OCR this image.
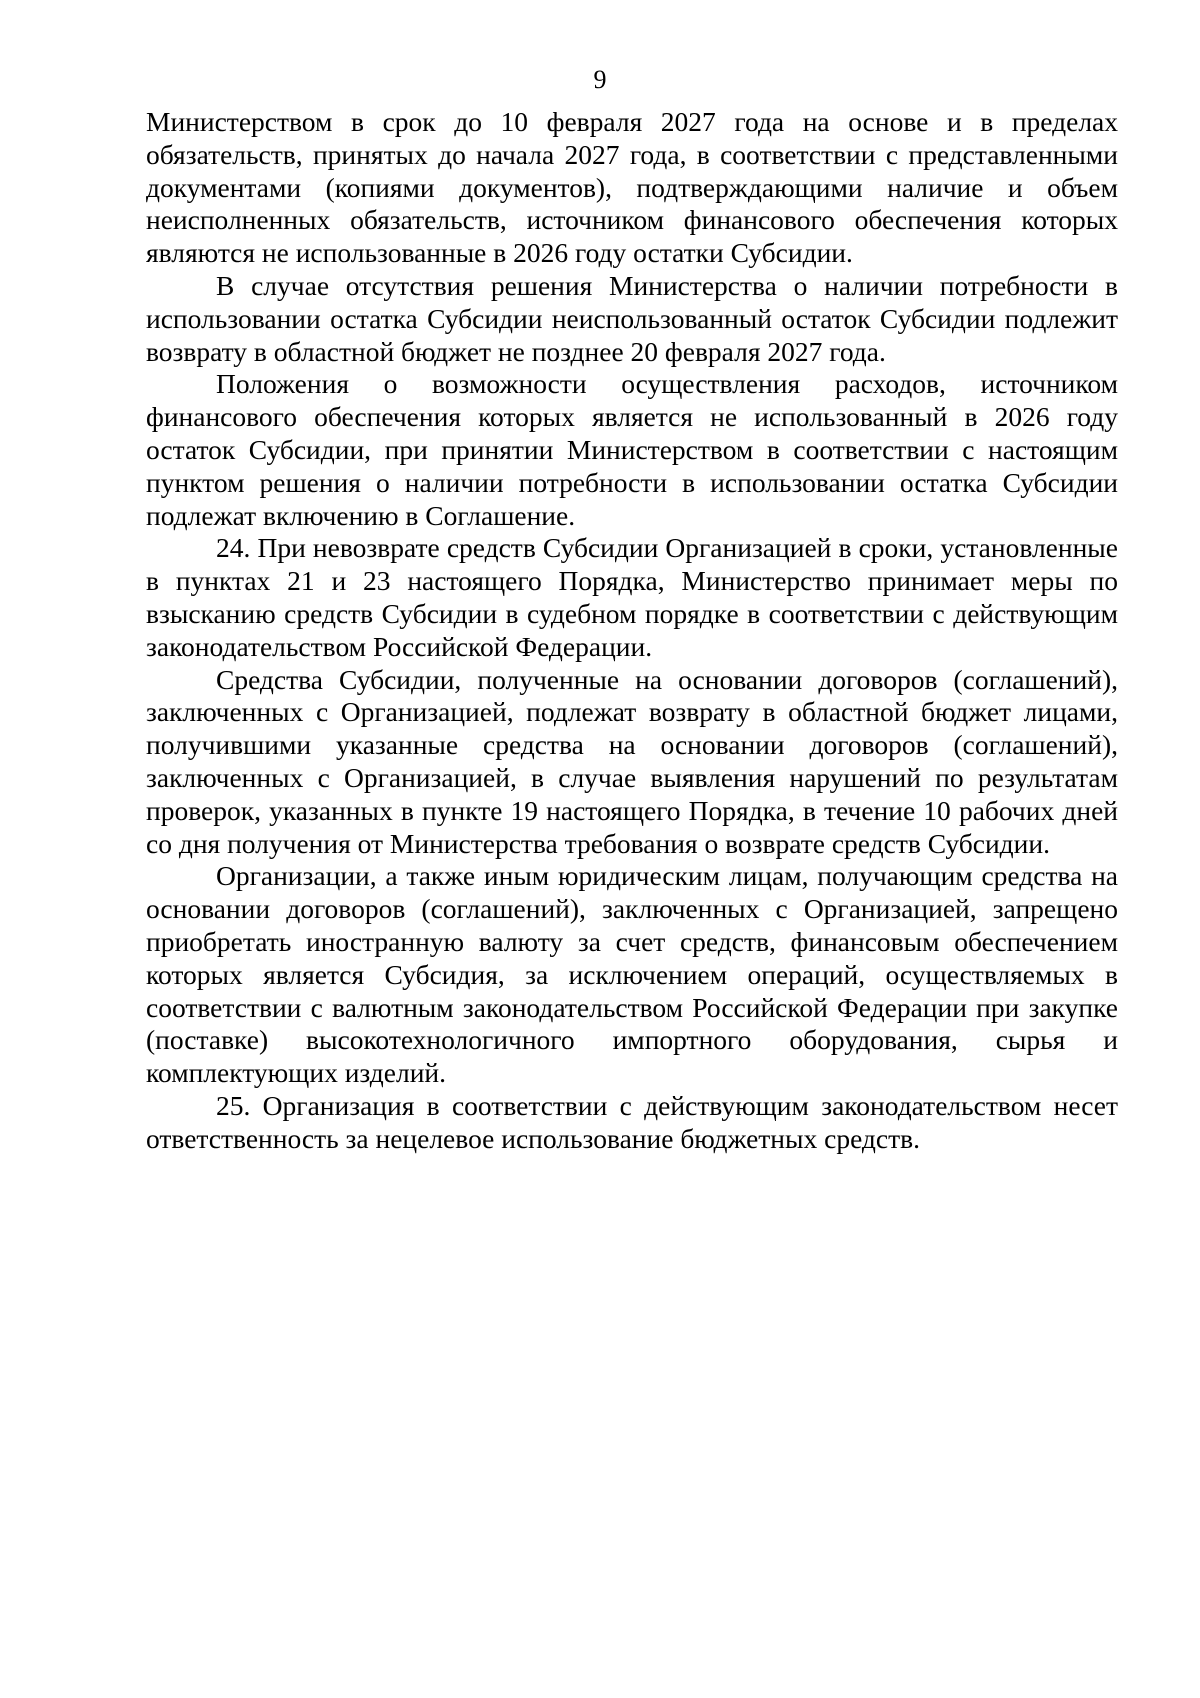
9

Министерством в срок до 10 февраля 2027 года на основе и в пределах обязательств, принятых до начала 2027 года, в соответствии с представленными документами (копиями документов), подтверждающими наличие и объем неисполненных обязательств, источником финансового обеспечения которых являются не использованные в 2026 году остатки Субсидии.

В случае отсутствия решения Министерства о наличии потребности в использовании остатка Субсидии неиспользованный остаток Субсидии подлежит возврату в областной бюджет не позднее 20 февраля 2027 года.

Положения о возможности осуществления расходов, источником финансового обеспечения которых является не использованный в 2026 году остаток Субсидии, при принятии Министерством в соответствии с настоящим пунктом решения о наличии потребности в использовании остатка Субсидии подлежат включению в Соглашение.

24. При невозврате средств Субсидии Организацией в сроки, установленные в пунктах 21 и 23 настоящего Порядка, Министерство принимает меры по взысканию средств Субсидии в судебном порядке в соответствии с действующим законодательством Российской Федерации.

Средства Субсидии, полученные на основании договоров (соглашений), заключенных с Организацией, подлежат возврату в областной бюджет лицами, получившими указанные средства на основании договоров (соглашений), заключенных с Организацией, в случае выявления нарушений по результатам проверок, указанных в пункте 19 настоящего Порядка, в течение 10 рабочих дней со дня получения от Министерства требования о возврате средств Субсидии.

Организации, а также иным юридическим лицам, получающим средства на основании договоров (соглашений), заключенных с Организацией, запрещено приобретать иностранную валюту за счет средств, финансовым обеспечением которых является Субсидия, за исключением операций, осуществляемых в соответствии с валютным законодательством Российской Федерации при закупке (поставке) высокотехнологичного импортного оборудования, сырья и комплектующих изделий.

25. Организация в соответствии с действующим законодательством несет ответственность за нецелевое использование бюджетных средств.
